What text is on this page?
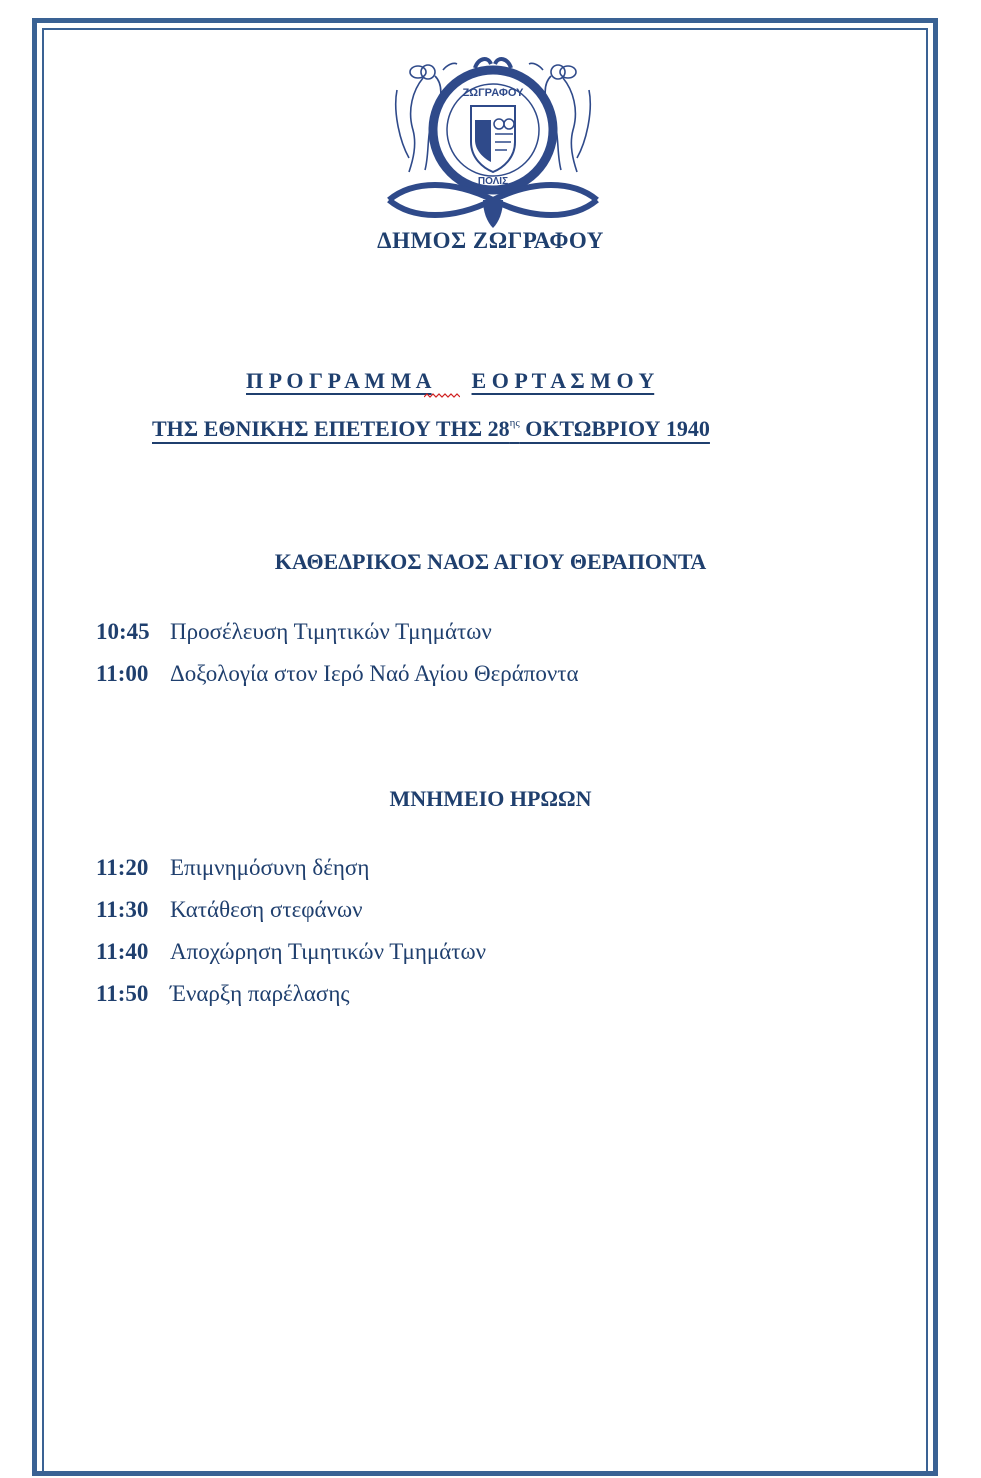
ΖΩΓΡΑΦΟΥ
ΠΟΛΙΣ
ΔΗΜΟΣ ΖΩΓΡΑΦΟΥ
Π Ρ Ο Γ Ρ Α Μ Μ Α Ε Ο Ρ Τ Α Σ Μ Ο Υ
ΤΗΣ ΕΘΝΙΚΗΣ ΕΠΕΤΕΙΟΥ ΤΗΣ $28^{\eta\varsigma}$ ΟΚΤΩΒΡΙΟΥ 1940
ΚΑΘΕΔΡΙΚΟΣ ΝΑΟΣ ΑΓΙΟΥ ΘΕΡΑΠΟΝΤΑ
10:45 Προσέλευση Τιμητικών Τμημάτων
11:00 Δοξολογία στον Ιερό Ναό Αγίου Θεράποντα
ΜΝΗΜΕΙΟ ΗΡΩΩΝ
11:20 Επιμνημόσυνη δέηση
11:30 Κατάθεση στεφάνων
11:40 Αποχώρηση Τιμητικών Τμημάτων
11:50 Έναρξη παρέλασης
